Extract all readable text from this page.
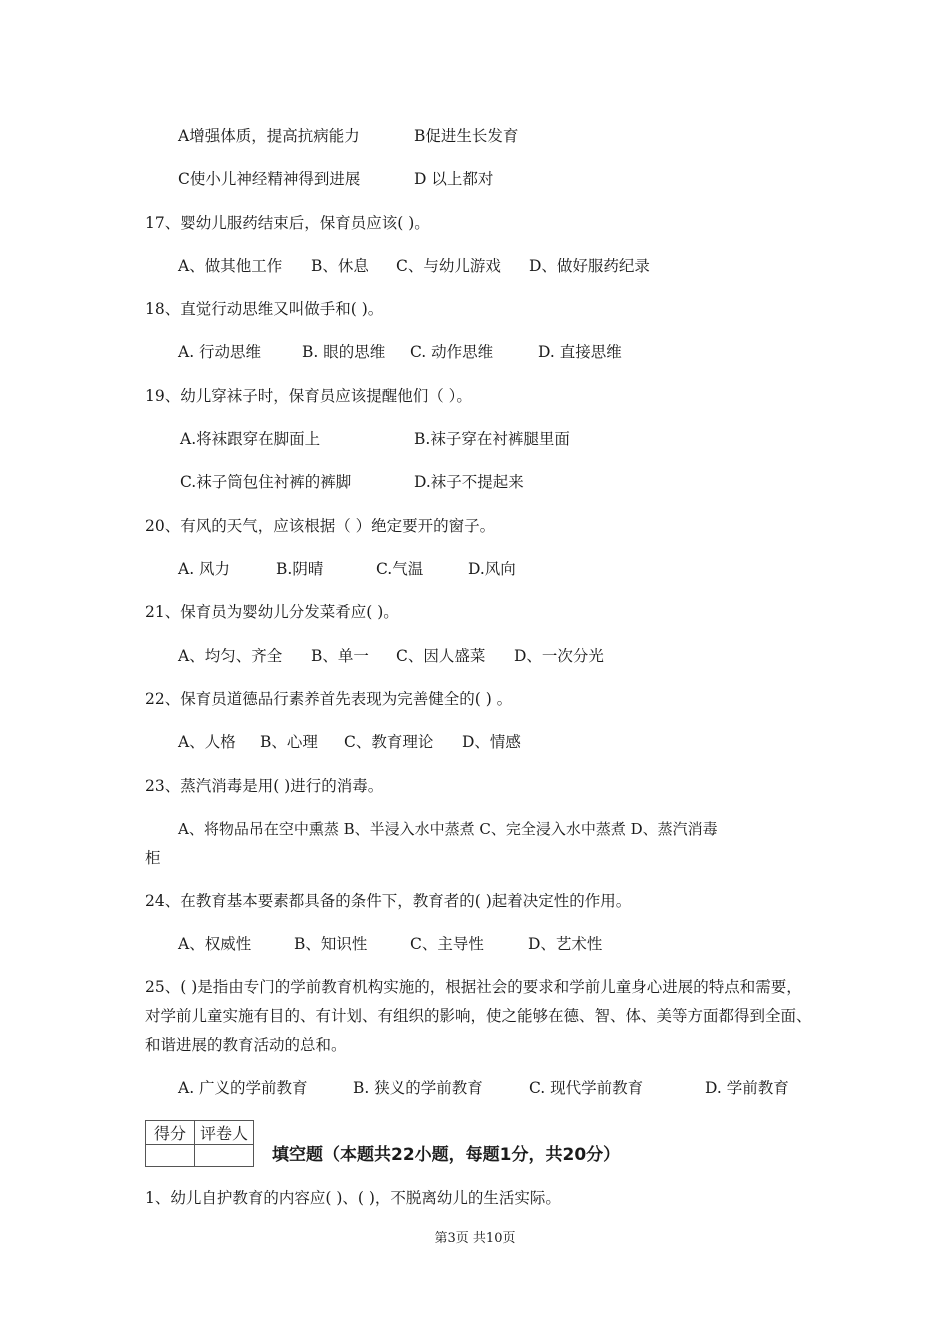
A增强体质，提高抗病能力	B促进生长发育
C使小儿神经精神得到进展	D 以上都对
17、婴幼儿服药结束后，保育员应该( )。
A、做其他工作 B、休息 C、与幼儿游戏 D、做好服药纪录
18、直觉行动思维又叫做手和( )。
A. 行动思维	B. 眼的思维 C. 动作思维	D. 直接思维
19、幼儿穿袜子时，保育员应该提醒他们（ ）。
A.将袜跟穿在脚面上	B.袜子穿在衬裤腿里面
C.袜子筒包住衬裤的裤脚	D.袜子不提起来
20、有风的天气，应该根据（ ）绝定要开的窗子。
A. 风力	B.阴晴	C.气温	D.风向
21、保育员为婴幼儿分发菜肴应( )。
A、均匀、齐全 B、单一 C、因人盛菜 D、一次分光
22、保育员道德品行素养首先表现为完善健全的( ) 。
A、人格 B、心理 C、教育理论 D、情感
23、蒸汽消毒是用( )进行的消毒。
A、将物品吊在空中熏蒸 B、半浸入水中蒸煮 C、完全浸入水中蒸煮 D、蒸汽消毒
柜
24、在教育基本要素都具备的条件下，教育者的( )起着决定性的作用。
A、权威性	B、知识性	C、主导性	D、艺术性
25、( )是指由专门的学前教育机构实施的，根据社会的要求和学前儿童身心进展的特点和需要，对学前儿童实施有目的、有计划、有组织的影响，使之能够在德、智、体、美等方面都得到全面、和谐进展的教育活动的总和。
A. 广义的学前教育	B. 狭义的学前教育	C. 现代学前教育	D. 学前教育
得分	评卷人

填空题（本题共22小题，每题1分，共20分）
1、幼儿自护教育的内容应( )、( )，不脱离幼儿的生活实际。
第3页 共10页
